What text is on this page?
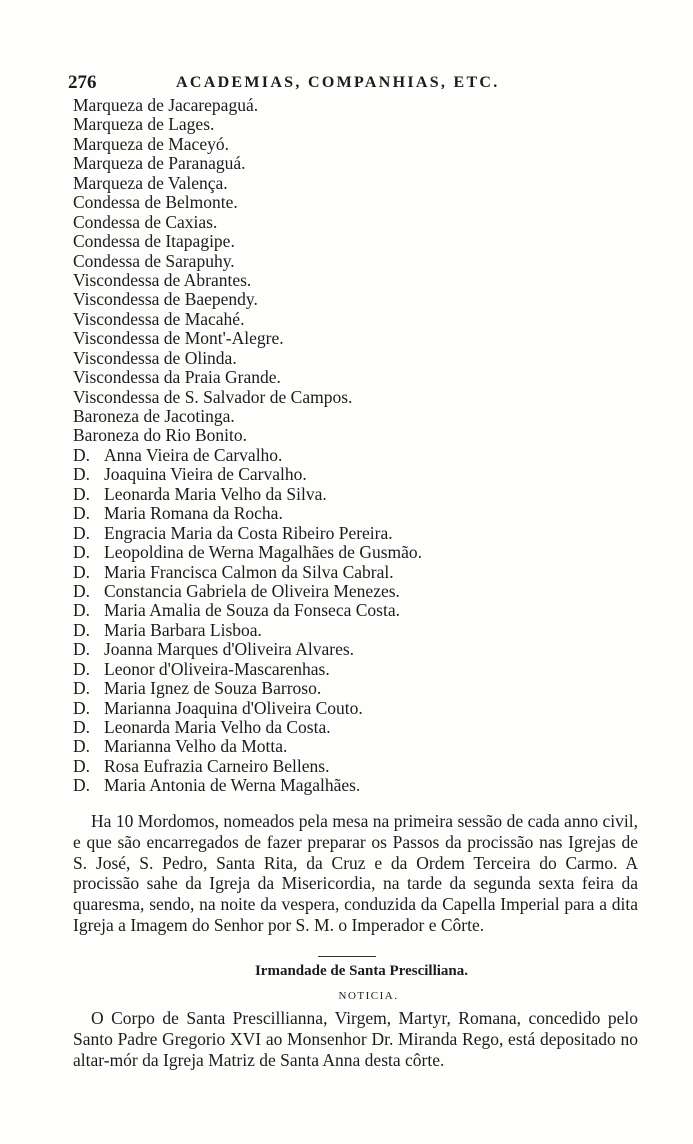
276	ACADEMIAS, COMPANHIAS, ETC.
Marqueza de Jacarepaguá.
Marqueza de Lages.
Marqueza de Maceyó.
Marqueza de Paranaguá.
Marqueza de Valença.
Condessa de Belmonte.
Condessa de Caxias.
Condessa de Itapagipe.
Condessa de Sarapuhy.
Viscondessa de Abrantes.
Viscondessa de Baependy.
Viscondessa de Macahé.
Viscondessa de Mont'-Alegre.
Viscondessa de Olinda.
Viscondessa da Praia Grande.
Viscondessa de S. Salvador de Campos.
Baroneza de Jacotinga.
Baroneza do Rio Bonito.
D. Anna Vieira de Carvalho.
D. Joaquina Vieira de Carvalho.
D. Leonarda Maria Velho da Silva.
D. Maria Romana da Rocha.
D. Engracia Maria da Costa Ribeiro Pereira.
D. Leopoldina de Werna Magalhães de Gusmão.
D. Maria Francisca Calmon da Silva Cabral.
D. Constancia Gabriela de Oliveira Menezes.
D. Maria Amalia de Souza da Fonseca Costa.
D. Maria Barbara Lisboa.
D. Joanna Marques d'Oliveira Alvares.
D. Leonor d'Oliveira-Mascarenhas.
D. Maria Ignez de Souza Barroso.
D. Marianna Joaquina d'Oliveira Couto.
D. Leonarda Maria Velho da Costa.
D. Marianna Velho da Motta.
D. Rosa Eufrazia Carneiro Bellens.
D. Maria Antonia de Werna Magalhães.

Ha 10 Mordomos, nomeados pela mesa na primeira sessão de cada anno civil, e que são encarregados de fazer preparar os Passos da procissão nas Igrejas de S. José, S. Pedro, Santa Rita, da Cruz e da Ordem Terceira do Carmo. A procissão sahe da Igreja da Misericordia, na tarde da segunda sexta feira da quaresma, sendo, na noite da vespera, conduzida da Capella Imperial para a dita Igreja a Imagem do Senhor por S. M. o Imperador e Côrte.

Irmandade de Santa Prescilliana.
NOTICIA.

O Corpo de Santa Prescillianna, Virgem, Martyr, Romana, concedido pelo Santo Padre Gregorio XVI ao Monsenhor Dr. Miranda Rego, está depositado no altar-mór da Igreja Matriz de Santa Anna desta côrte.
